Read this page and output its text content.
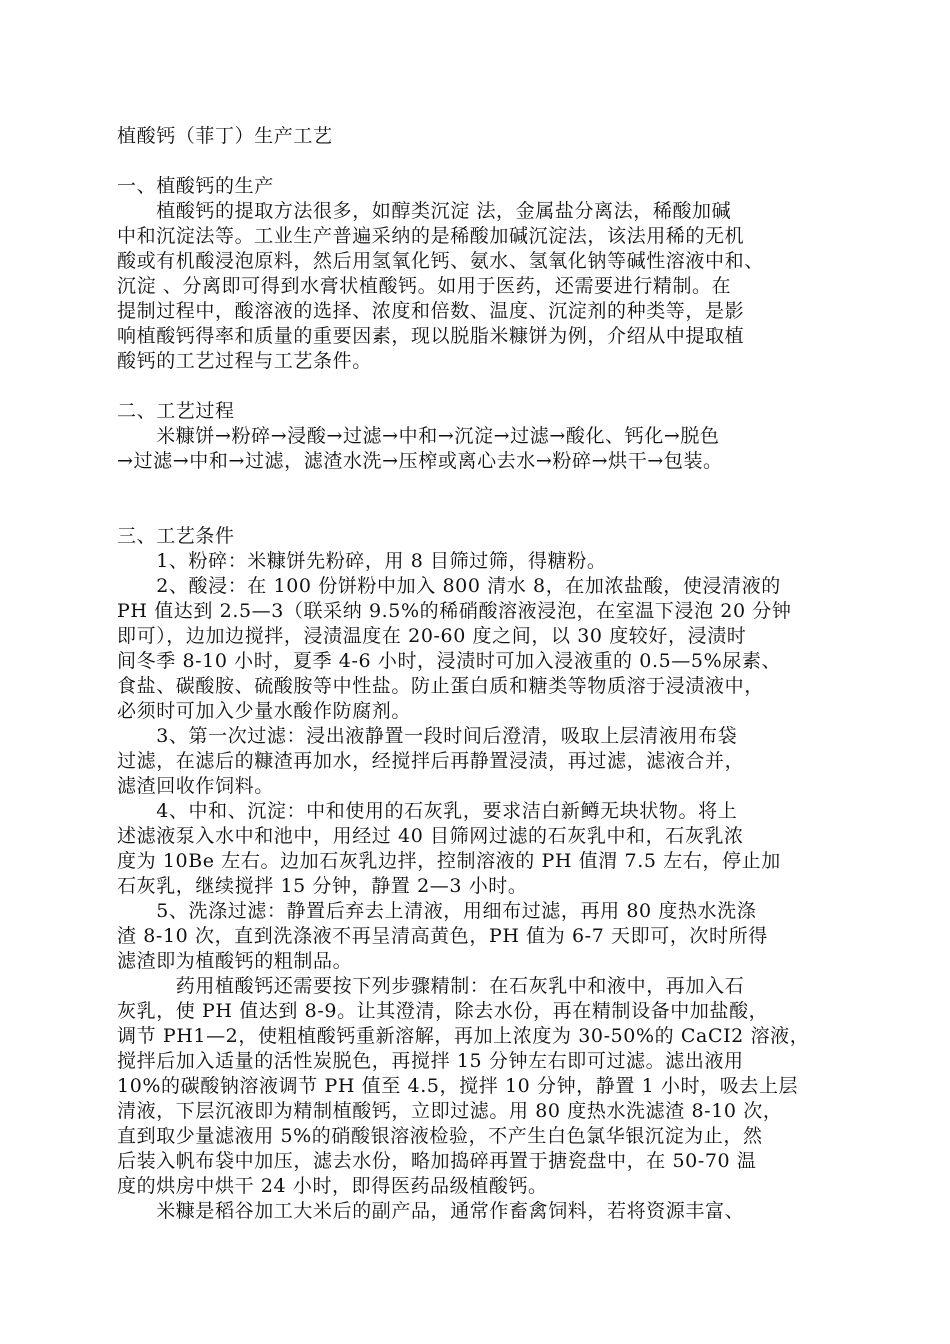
植酸钙（菲丁）生产工艺
一、植酸钙的生产
　　植酸钙的提取方法很多，如醇类沉淀 法，金属盐分离法，稀酸加碱
中和沉淀法等。工业生产普遍采纳的是稀酸加碱沉淀法，该法用稀的无机
酸或有机酸浸泡原料，然后用氢氧化钙、氨水、氢氧化钠等碱性溶液中和、
沉淀 、分离即可得到水膏状植酸钙。如用于医药，还需要进行精制。在
提制过程中，酸溶液的选择、浓度和倍数、温度、沉淀剂的种类等，是影
响植酸钙得率和质量的重要因素，现以脱脂米糠饼为例，介绍从中提取植
酸钙的工艺过程与工艺条件。
二、工艺过程
　　米糠饼→粉碎→浸酸→过滤→中和→沉淀→过滤→酸化、钙化→脱色
→过滤→中和→过滤，滤渣水洗→压榨或离心去水→粉碎→烘干→包装。
三、工艺条件
　　1、粉碎：米糠饼先粉碎，用 8 目筛过筛，得糖粉。
　　2、酸浸：在 100 份饼粉中加入 800 清水 8，在加浓盐酸，使浸清液的
PH 值达到 2.5—3（联采纳 9.5%的稀硝酸溶液浸泡，在室温下浸泡 20 分钟
即可），边加边搅拌，浸渍温度在 20-60 度之间，以 30 度较好，浸渍时
间冬季 8-10 小时，夏季 4-6 小时，浸渍时可加入浸液重的 0.5—5%尿素、
食盐、碳酸胺、硫酸胺等中性盐。防止蛋白质和糖类等物质溶于浸渍液中，
必须时可加入少量水酸作防腐剂。
　　3、第一次过滤：浸出液静置一段时间后澄清，吸取上层清液用布袋
过滤，在滤后的糠渣再加水，经搅拌后再静置浸渍，再过滤，滤液合并，
滤渣回收作饲料。
　　4、中和、沉淀：中和使用的石灰乳，要求洁白新鳟无块状物。将上
述滤液泵入水中和池中，用经过 40 目筛网过滤的石灰乳中和，石灰乳浓
度为 10Be 左右。边加石灰乳边拌，控制溶液的 PH 值渭 7.5 左右，停止加
石灰乳，继续搅拌 15 分钟，静置 2—3 小时。
　　5、洗涤过滤：静置后弃去上清液，用细布过滤，再用 80 度热水洗涤
渣 8-10 次，直到洗涤液不再呈清高黄色，PH 值为 6-7 天即可，次时所得
滤渣即为植酸钙的粗制品。
　　　药用植酸钙还需要按下列步骤精制：在石灰乳中和液中，再加入石
灰乳，使 PH 值达到 8-9。让其澄清，除去水份，再在精制设备中加盐酸，
调节 PH1—2，使粗植酸钙重新溶解，再加上浓度为 30-50%的 CaCI2 溶液，
搅拌后加入适量的活性炭脱色，再搅拌 15 分钟左右即可过滤。滤出液用
10%的碳酸钠溶液调节 PH 值至 4.5，搅拌 10 分钟，静置 1 小时，吸去上层
清液，下层沉液即为精制植酸钙，立即过滤。用 80 度热水洗滤渣 8-10 次，
直到取少量滤液用 5%的硝酸银溶液检验，不产生白色氯华银沉淀为止，然
后装入帆布袋中加压，滤去水份，略加捣碎再置于搪瓷盘中，在 50-70 温
度的烘房中烘干 24 小时，即得医药品级植酸钙。
　　米糠是稻谷加工大米后的副产品，通常作畜禽饲料，若将资源丰富、
